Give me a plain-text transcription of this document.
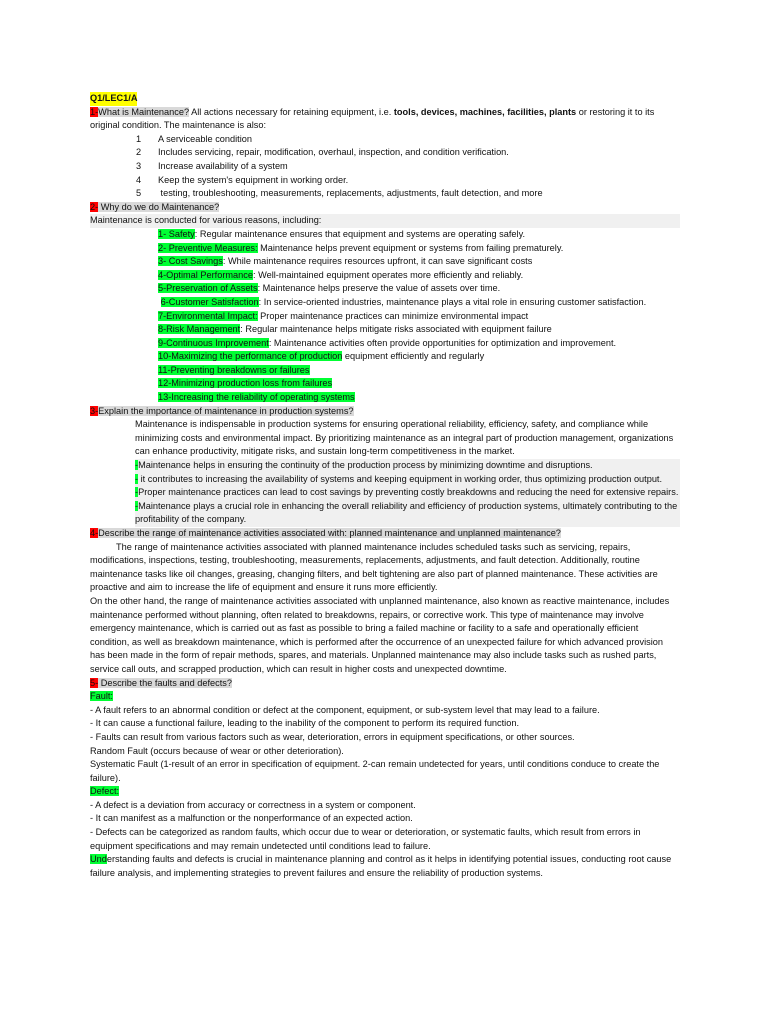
Q1/LEC1/A

1-What is Maintenance? All actions necessary for retaining equipment, i.e. tools, devices, machines, facilities, plants or restoring it to its original condition. The maintenance is also:

1 A serviceable condition

2 Includes servicing, repair, modification, overhaul, inspection, and condition verification.

3 Increase availability of a system

4 Keep the system's equipment in working order.

5 testing, troubleshooting, measurements, replacements, adjustments, fault detection, and more

2- Why do we do Maintenance?

Maintenance is conducted for various reasons, including:

1- Safety: Regular maintenance ensures that equipment and systems are operating safely.

2- Preventive Measures: Maintenance helps prevent equipment or systems from failing prematurely.

3- Cost Savings: While maintenance requires resources upfront, it can save significant costs

4-Optimal Performance: Well-maintained equipment operates more efficiently and reliably.

5-Preservation of Assets: Maintenance helps preserve the value of assets over time.

6-Customer Satisfaction: In service-oriented industries, maintenance plays a vital role in ensuring customer satisfaction.

7-Environmental Impact: Proper maintenance practices can minimize environmental impact

8-Risk Management: Regular maintenance helps mitigate risks associated with equipment failure

9-Continuous Improvement: Maintenance activities often provide opportunities for optimization and improvement.

10-Maximizing the performance of production equipment efficiently and regularly

11-Preventing breakdowns or failures

12-Minimizing production loss from failures

13-Increasing the reliability of operating systems

3-Explain the importance of maintenance in production systems?

Maintenance is indispensable in production systems for ensuring operational reliability, efficiency, safety, and compliance while minimizing costs and environmental impact. By prioritizing maintenance as an integral part of production management, organizations can enhance productivity, mitigate risks, and sustain long-term competitiveness in the market.

-Maintenance helps in ensuring the continuity of the production process by minimizing downtime and disruptions.

- it contributes to increasing the availability of systems and keeping equipment in working order, thus optimizing production output.

-Proper maintenance practices can lead to cost savings by preventing costly breakdowns and reducing the need for extensive repairs.

-Maintenance plays a crucial role in enhancing the overall reliability and efficiency of production systems, ultimately contributing to the profitability of the company.

4-Describe the range of maintenance activities associated with: planned maintenance and unplanned maintenance?

The range of maintenance activities associated with planned maintenance includes scheduled tasks such as servicing, repairs, modifications, inspections, testing, troubleshooting, measurements, replacements, adjustments, and fault detection. Additionally, routine maintenance tasks like oil changes, greasing, changing filters, and belt tightening are also part of planned maintenance. These activities are proactive and aim to increase the life of equipment and ensure it runs more efficiently.

On the other hand, the range of maintenance activities associated with unplanned maintenance, also known as reactive maintenance, includes maintenance performed without planning, often related to breakdowns, repairs, or corrective work. This type of maintenance may involve emergency maintenance, which is carried out as fast as possible to bring a failed machine or facility to a safe and operationally efficient condition, as well as breakdown maintenance, which is performed after the occurrence of an unexpected failure for which advanced provision has been made in the form of repair methods, spares, and materials. Unplanned maintenance may also include tasks such as rushed parts, service call outs, and scrapped production, which can result in higher costs and unexpected downtime.

5- Describe the faults and defects?

Fault:

- A fault refers to an abnormal condition or defect at the component, equipment, or sub-system level that may lead to a failure.

- It can cause a functional failure, leading to the inability of the component to perform its required function.

- Faults can result from various factors such as wear, deterioration, errors in equipment specifications, or other sources.

Random Fault (occurs because of wear or other deterioration).

Systematic Fault (1-result of an error in specification of equipment. 2-can remain undetected for years, until conditions conduce to create the failure).

Defect:

- A defect is a deviation from accuracy or correctness in a system or component.

- It can manifest as a malfunction or the nonperformance of an expected action.

- Defects can be categorized as random faults, which occur due to wear or deterioration, or systematic faults, which result from errors in equipment specifications and may remain undetected until conditions lead to failure.

Understanding faults and defects is crucial in maintenance planning and control as it helps in identifying potential issues, conducting root cause failure analysis, and implementing strategies to prevent failures and ensure the reliability of production systems.
